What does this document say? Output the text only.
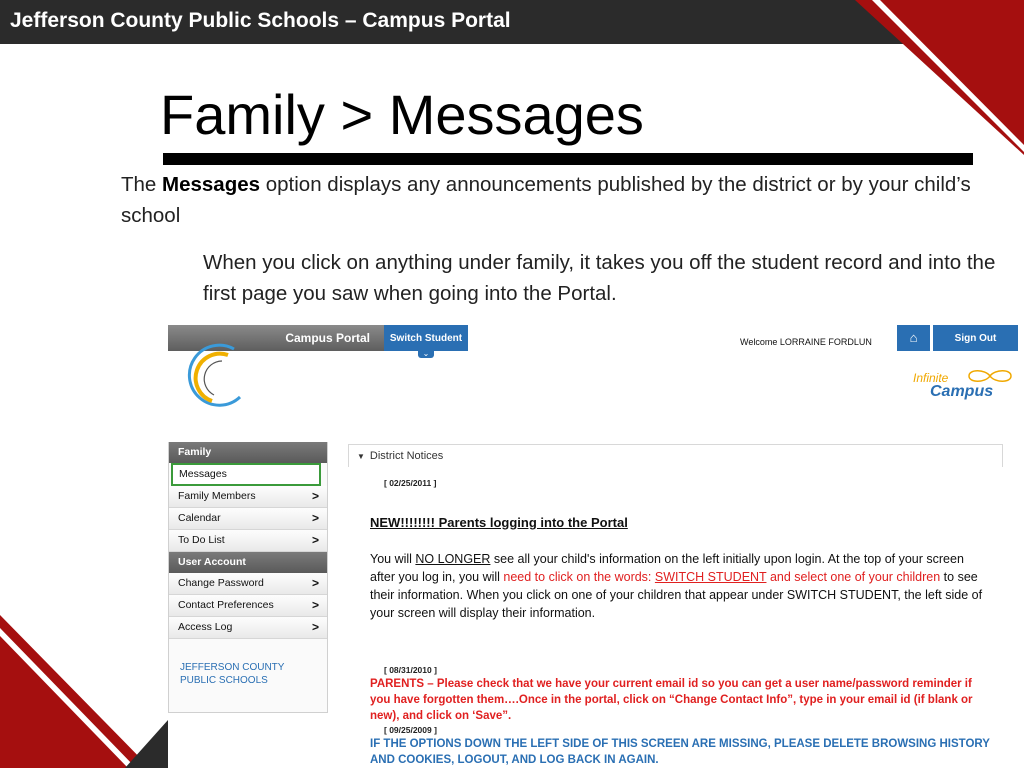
Jefferson County Public Schools – Campus Portal
Family > Messages
The Messages option displays any announcements published by the district or by your child’s school
When you click on anything under family, it takes you off the student record and into the first page you saw when going into the Portal.
Campus Portal	Switch Student
⌄
Welcome LORRAINE FORDLUN	⌂	Sign Out
Infinite
Campus
Family
Messages
Family Members	>
Calendar	>
To Do List	>
User Account
Change Password	>
Contact Preferences	>
Access Log	>
JEFFERSON COUNTY
PUBLIC SCHOOLS
▼ District Notices
[ 02/25/2011 ]
NEW!!!!!!!! Parents logging into the Portal
You will NO LONGER see all your child's information on the left initially upon login. At the top of your screen after you log in, you will need to click on the words: SWITCH STUDENT and select one of your children to see their information. When you click on one of your children that appear under SWITCH STUDENT, the left side of your screen will display their information.
[ 08/31/2010 ]
PARENTS – Please check that we have your current email id so you can get a user name/password reminder if you have forgotten them….Once in the portal, click on “Change Contact Info”, type in your email id (if blank or new), and click on ‘Save”.
[ 09/25/2009 ]
IF THE OPTIONS DOWN THE LEFT SIDE OF THIS SCREEN ARE MISSING, PLEASE DELETE BROWSING HISTORY AND COOKIES, LOGOUT, AND LOG BACK IN AGAIN.
